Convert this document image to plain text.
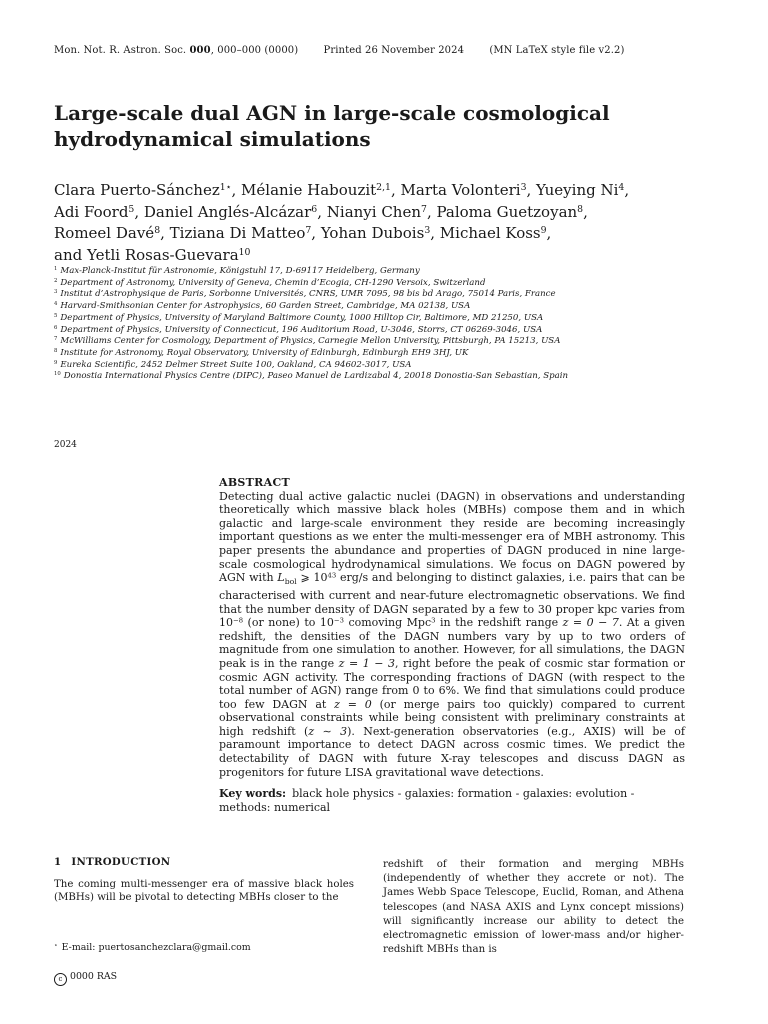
Mon. Not. R. Astron. Soc. 000, 000–000 (0000)	Printed 26 November 2024	(MN LaTeX style file v2.2)
Large-scale dual AGN in large-scale cosmological hydrodynamical simulations
Clara Puerto-Sánchez$^{1⋆}$, Mélanie Habouzit$^{2,1}$, Marta Volonteri$^3$, Yueying Ni$^4$,
Adi Foord$^5$, Daniel Anglés-Alcázar$^6$, Nianyi Chen$^7$, Paloma Guetzoyan$^8$,
Romeel Davé$^8$, Tiziana Di Matteo$^7$, Yohan Dubois$^3$, Michael Koss$^9$,
and Yetli Rosas-Guevara$^{10}$
$^1$ Max-Planck-Institut für Astronomie, Königstuhl 17, D-69117 Heidelberg, Germany
$^2$ Department of Astronomy, University of Geneva, Chemin d’Ecogia, CH-1290 Versoix, Switzerland
$^3$ Institut d’Astrophysique de Paris, Sorbonne Universités, CNRS, UMR 7095, 98 bis bd Arago, 75014 Paris, France
$^4$ Harvard-Smithsonian Center for Astrophysics, 60 Garden Street, Cambridge, MA 02138, USA
$^5$ Department of Physics, University of Maryland Baltimore County, 1000 Hilltop Cir, Baltimore, MD 21250, USA
$^6$ Department of Physics, University of Connecticut, 196 Auditorium Road, U-3046, Storrs, CT 06269-3046, USA
$^7$ McWilliams Center for Cosmology, Department of Physics, Carnegie Mellon University, Pittsburgh, PA 15213, USA
$^8$ Institute for Astronomy, Royal Observatory, University of Edinburgh, Edinburgh EH9 3HJ, UK
$^9$ Eureka Scientific, 2452 Delmer Street Suite 100, Oakland, CA 94602-3017, USA
$^{10}$ Donostia International Physics Centre (DIPC), Paseo Manuel de Lardizabal 4, 20018 Donostia-San Sebastian, Spain
2024
ABSTRACT
Detecting dual active galactic nuclei (DAGN) in observations and understanding theoretically which massive black holes (MBHs) compose them and in which galactic and large-scale environment they reside are becoming increasingly important questions as we enter the multi-messenger era of MBH astronomy. This paper presents the abundance and properties of DAGN produced in nine large-scale cosmological hydrodynamical simulations. We focus on DAGN powered by AGN with $L_{bol}$ ⩾ $10^{43}$ erg/s and belonging to distinct galaxies, i.e. pairs that can be characterised with current and near-future electromagnetic observations. We find that the number density of DAGN separated by a few to 30 proper kpc varies from $10^{-8}$ (or none) to $10^{-3}$ comoving Mpc$^3$ in the redshift range z = 0 − 7. At a given redshift, the densities of the DAGN numbers vary by up to two orders of magnitude from one simulation to another. However, for all simulations, the DAGN peak is in the range z = 1 − 3, right before the peak of cosmic star formation or cosmic AGN activity. The corresponding fractions of DAGN (with respect to the total number of AGN) range from 0 to 6%. We find that simulations could produce too few DAGN at z = 0 (or merge pairs too quickly) compared to current observational constraints while being consistent with preliminary constraints at high redshift (z ∼ 3). Next-generation observatories (e.g., AXIS) will be of paramount importance to detect DAGN across cosmic times. We predict the detectability of DAGN with future X-ray telescopes and discuss DAGN as progenitors for future LISA gravitational wave detections.
Key words: black hole physics - galaxies: formation - galaxies: evolution - methods: numerical
1 INTRODUCTION
The coming multi-messenger era of massive black holes (MBHs) will be pivotal to detecting MBHs closer to the
redshift of their formation and merging MBHs (independently of whether they accrete or not). The James Webb Space Telescope, Euclid, Roman, and Athena telescopes (and NASA AXIS and Lynx concept missions) will significantly increase our ability to detect the electromagnetic emission of lower-mass and/or higher-redshift MBHs than is
⋆ E-mail: puertosanchezclara@gmail.com
c 0000 RAS
